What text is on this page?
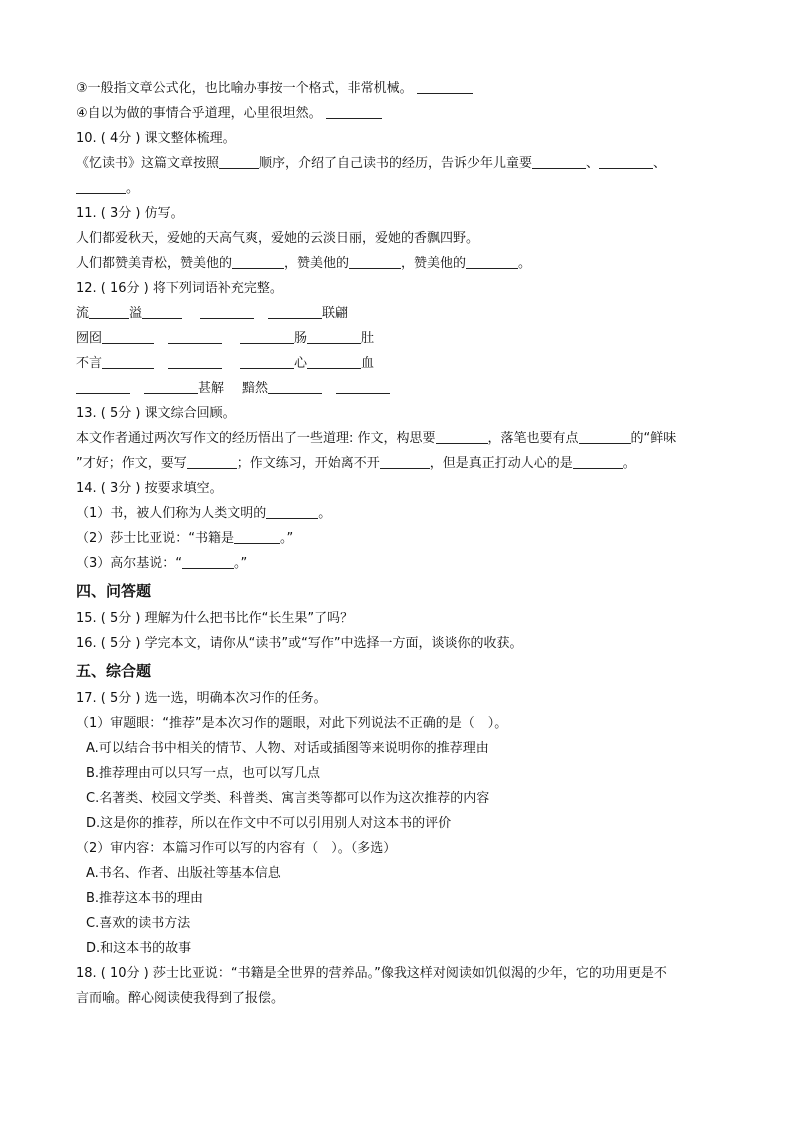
③一般指文章公式化，也比喻办事按一个格式，非常机械。
④自以为做的事情合乎道理，心里很坦然。
10. ( 4分 ) 课文整体梳理。
《忆读书》这篇文章按照	顺序，介绍了自己读书的经历，告诉少年儿童要	、	、
。
11. ( 3分 ) 仿写。
人们都爱秋天，爱她的天高气爽，爱她的云淡日丽，爱她的香飘四野。
人们都赞美青松，赞美他的	，赞美他的	，赞美他的	。
12. ( 16分 ) 将下列词语补充完整。
流	溢	联翩
囫囵	肠	肚
不言	心	血
甚解 黯然
13. ( 5分 ) 课文综合回顾。
本文作者通过两次写作文的经历悟出了一些道理: 作文，构思要	，落笔也要有点	的“鲜味
”才好；作文，要写	；作文练习，开始离不开	，但是真正打动人心的是	。
14. ( 3分 ) 按要求填空。
（1）书，被人们称为人类文明的	。
（2）莎士比亚说：“书籍是	。”
（3）高尔基说：“	。”
四、问答题
15. ( 5分 ) 理解为什么把书比作“长生果”了吗？
16. ( 5分 ) 学完本文，请你从“读书”或“写作”中选择一方面，谈谈你的收获。
五、综合题
17. ( 5分 ) 选一选，明确本次习作的任务。
（1）审题眼：“推荐”是本次习作的题眼，对此下列说法不正确的是（　）。
A.可以结合书中相关的情节、人物、对话或插图等来说明你的推荐理由
B.推荐理由可以只写一点，也可以写几点
C.名著类、校园文学类、科普类、寓言类等都可以作为这次推荐的内容
D.这是你的推荐，所以在作文中不可以引用别人对这本书的评价
（2）审内容：本篇习作可以写的内容有（　）。（多选）
A.书名、作者、出版社等基本信息
B.推荐这本书的理由
C.喜欢的读书方法
D.和这本书的故事
18. ( 10分 ) 莎士比亚说：“书籍是全世界的营养品。”像我这样对阅读如饥似渴的少年，它的功用更是不
言而喻。醉心阅读使我得到了报偿。
